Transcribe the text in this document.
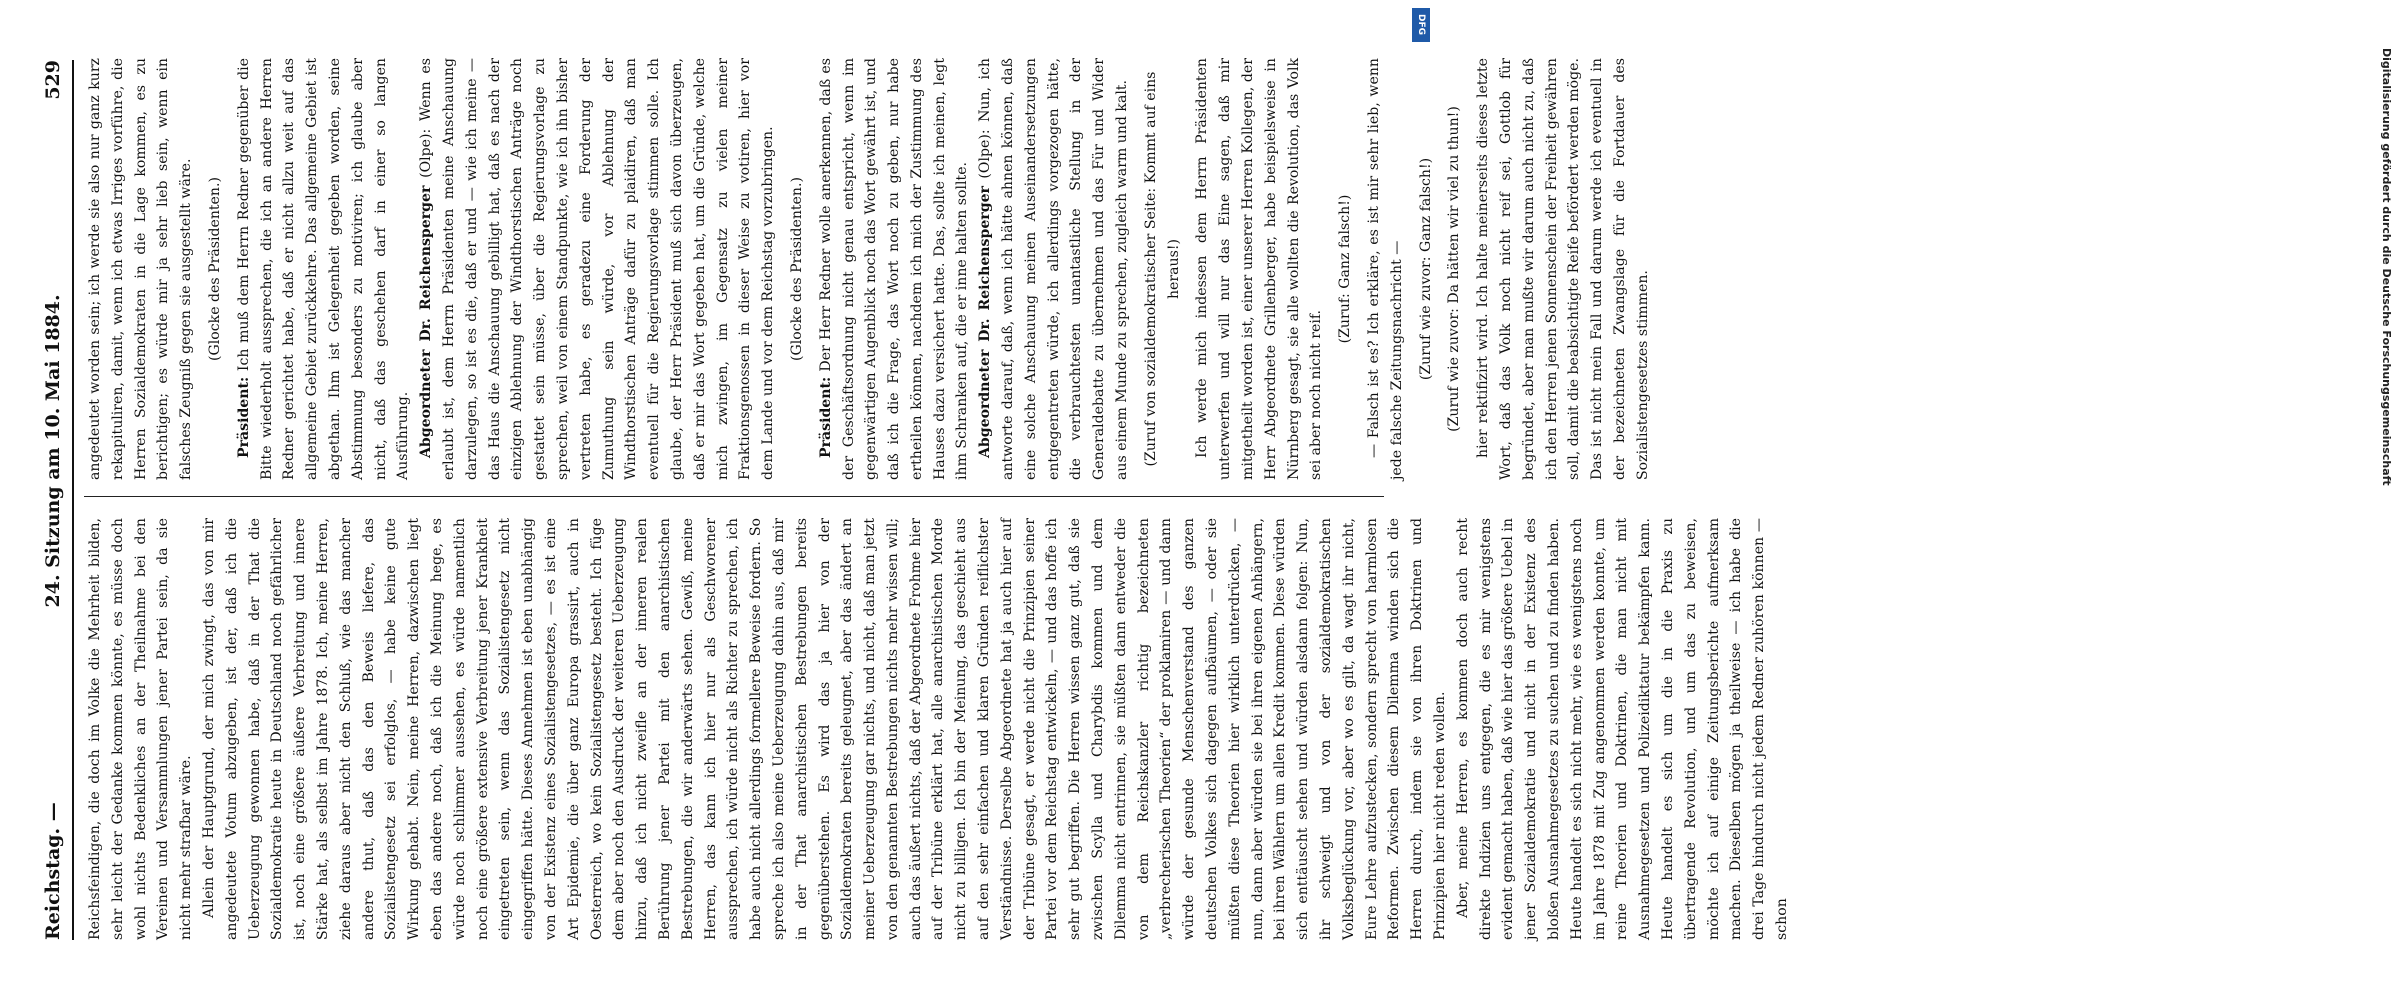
Reichstag. —
24. Sitzung am 10. Mai 1884.
529

Reichsfeindigen, die doch im Volke die Mehrheit bilden, sehr leicht der Gedanke kommen könnte, es müsse doch wohl nichts Bedenkliches an der Theilnahme bei den Vereinen und Versammlungen jener Partei sein, da sie nicht mehr strafbar wäre. Allein der Hauptgrund, der mich zwingt, das von mir angedeutete Votum abzugeben, ist der, daß ich die Ueberzeugung gewonnen habe, daß in der That die Sozialdemokratie heute in Deutschland noch gefährlicher ist, noch eine größere äußere Verbreitung und innere Stärke hat, als selbst im Jahre 1878. Ich, meine Herren, ziehe daraus aber nicht den Schluß, wie das mancher andere thut, daß das den Beweis liefere, das Sozialistengesetz sei erfolglos, — habe keine gute Wirkung gehabt. Nein, meine Herren, dazwischen liegt eben das andere noch, daß ich die Meinung hege, es würde noch schlimmer aussehen, es würde namentlich noch eine größere extensive Verbreitung jener Krankheit eingetreten sein, wenn das Sozialistengesetz nicht eingegriffen hätte. Dieses Annehmen ist eben unabhängig von der Existenz eines Sozialistengesetzes, — es ist eine Art Epidemie, die über ganz Europa grassirt, auch in Oesterreich, wo kein Sozialistengesetz besteht. Ich füge dem aber noch den Ausdruck der weiteren Ueberzeugung hinzu, daß ich nicht zweifle an der inneren realen Berührung jener Partei mit den anarchistischen Bestrebungen, die wir anderwärts sehen. Gewiß, meine Herren, das kann ich hier nur als Geschworener aussprechen, ich würde nicht als Richter zu sprechen, ich habe auch nicht allerdings formellere Beweise fordern. So spreche ich also meine Ueberzeugung dahin aus, daß mir in der That anarchistischen Bestrebungen bereits gegenüberstehen. Es wird das ja hier von der Sozialdemokraten bereits geleugnet, aber das ändert an meiner Ueberzeugung gar nichts, und nicht, daß man jetzt von den genannten Bestrebungen nichts mehr wissen will; auch das äußert nichts, daß der Abgeordnete Frohme hier auf der Tribüne erklärt hat, alle anarchistischen Morde nicht zu billigen. Ich bin der Meinung, das geschieht aus auf den sehr einfachen und klaren Gründen reiflichster Verständnisse. Derselbe Abgeordnete hat ja auch hier auf der Tribüne gesagt, er werde nicht die Prinzipien seiner Partei vor dem Reichstag entwickeln, — und das hoffe ich sehr gut begriffen. Die Herren wissen ganz gut, daß sie zwischen Scylla und Charybdis kommen und dem Dilemma nicht entrinnen, sie müßten dann entweder die von dem Reichskanzler richtig bezeichneten „verbrecherischen Theorien“ der proklamiren — und dann würde der gesunde Menschenverstand des ganzen deutschen Volkes sich dagegen aufbäumen, — oder sie müßten diese Theorien hier wirklich unterdrücken, — nun, dann aber würden sie bei ihren eigenen Anhängern, bei ihren Wählern um allen Kredit kommen. Diese würden sich enttäuscht sehen und würden alsdann folgen: Nun, ihr schweigt und von der sozialdemokratischen Volksbeglückung vor, aber wo es gilt, da wagt ihr nicht, Eure Lehre aufzustecken, sondern sprecht von harmlosen Reformen. Zwischen diesem Dilemma winden sich die Herren durch, indem sie von ihren Doktrinen und Prinzipien hier nicht reden wollen. Aber, meine Herren, es kommen doch auch recht direkte Indizien uns entgegen, die es mir wenigstens evident gemacht haben, daß wie hier das größere Uebel in jener Sozialdemokratie und nicht in der Existenz des bloßen Ausnahmegesetzes zu suchen und zu finden haben. Heute handelt es sich nicht mehr, wie es wenigstens noch im Jahre 1878 mit Zug angenommen werden konnte, um reine Theorien und Doktrinen, die man nicht mit Ausnahmegesetzen und Polizeidiktatur bekämpfen kann. Heute handelt es sich um die in die Praxis zu übertragende Revolution, und um das zu beweisen, möchte ich auf einige Zeitungsberichte aufmerksam machen. Dieselben mögen ja theilweise — ich habe die drei Tage hindurch nicht jedem Redner zuhören können — schon

angedeutet worden sein; ich werde sie also nur ganz kurz rekapituliren, damit, wenn ich etwas Irriges vorführe, die Herren Sozialdemokraten in die Lage kommen, es zu berichtigen; es würde mir ja sehr lieb sein, wenn ein falsches Zeugniß gegen sie ausgestellt wäre. (Glocke des Präsidenten.)

Präsident: Ich muß dem Herrn Redner gegenüber die Bitte wiederholt aussprechen, die ich an andere Herren Redner gerichtet habe, daß er nicht allzu weit auf das allgemeine Gebiet zurückkehre. Das allgemeine Gebiet ist abgethan. Ihm ist Gelegenheit gegeben worden, seine Abstimmung besonders zu motiviren; ich glaube aber nicht, daß das geschehen darf in einer so langen Ausführung. Abgeordneter Dr. Reichensperger (Olpe): Wenn es erlaubt ist, dem Herrn Präsidenten meine Anschauung darzulegen, so ist es die, daß er und — wie ich meine — das Haus die Anschauung gebilligt hat, daß es nach der einzigen Ablehnung der Windthorstischen Anträge noch gestattet sein müsse, über die Regierungsvorlage zu sprechen, weil von einem Standpunkte, wie ich ihn bisher vertreten habe, es geradezu eine Forderung der Zumuthung sein würde, vor Ablehnung der Windthorstischen Anträge dafür zu plaidiren, daß man eventuell für die Regierungsvorlage stimmen solle. Ich glaube, der Herr Präsident muß sich davon überzeugen, daß er mir das Wort gegeben hat, um die Gründe, welche mich zwingen, im Gegensatz zu vielen meiner Fraktionsgenossen in dieser Weise zu votiren, hier vor dem Lande und vor dem Reichstag vorzubringen. (Glocke des Präsidenten.)

Präsident: Der Herr Redner wolle anerkennen, daß es der Geschäftsordnung nicht genau entspricht, wenn im gegenwärtigen Augenblick noch das Wort gewährt ist, und daß ich die Frage, das Wort noch zu geben, nur habe ertheilen können, nachdem ich mich der Zustimmung des Hauses dazu versichert hatte. Das, sollte ich meinen, legt ihm Schranken auf, die er inne halten sollte. Abgeordneter Dr. Reichensperger (Olpe): Nun, ich antworte darauf, daß, wenn ich hätte ahnen können, daß eine solche Anschauung meinen Auseinandersetzungen entgegentreten würde, ich allerdings vorgezogen hätte, die verbrauchtesten unantastliche Stellung in der Generaldebatte zu übernehmen und das Für und Wider aus einem Munde zu sprechen, zugleich warm und kalt. (Zuruf von sozialdemokratischer Seite: Kommt auf eins heraus!) Ich werde mich indessen dem Herrn Präsidenten unterwerfen und will nur das Eine sagen, daß mir mitgetheilt worden ist, einer unserer Herren Kollegen, der Herr Abgeordnete Grillenberger, habe beispielsweise in Nürnberg gesagt, sie alle wollten die Revolution, das Volk sei aber noch nicht reif.

(Zuruf: Ganz falsch!) — Falsch ist es? Ich erkläre, es ist mir sehr lieb, wenn jede falsche Zeitungsnachricht — (Zuruf wie zuvor: Ganz falsch!) (Zuruf wie zuvor: Da hätten wir viel zu thun!) hier rektifizirt wird. Ich halte meinerseits dieses letzte Wort, daß das Volk noch nicht reif sei, Gottlob für begründet, aber man mußte wir darum auch nicht zu, daß ich den Herren jenen Sonnenschein der Freiheit gewähren soll, damit die beabsichtigte Reife befördert werden möge. Das ist nicht mein Fall und darum werde ich eventuell in der bezeichneten Zwangslage für die Fortdauer des Sozialistengesetzes stimmen.	Digitalisierung gefördert durch die Deutsche Forschungsgemeinschaft
DFG
